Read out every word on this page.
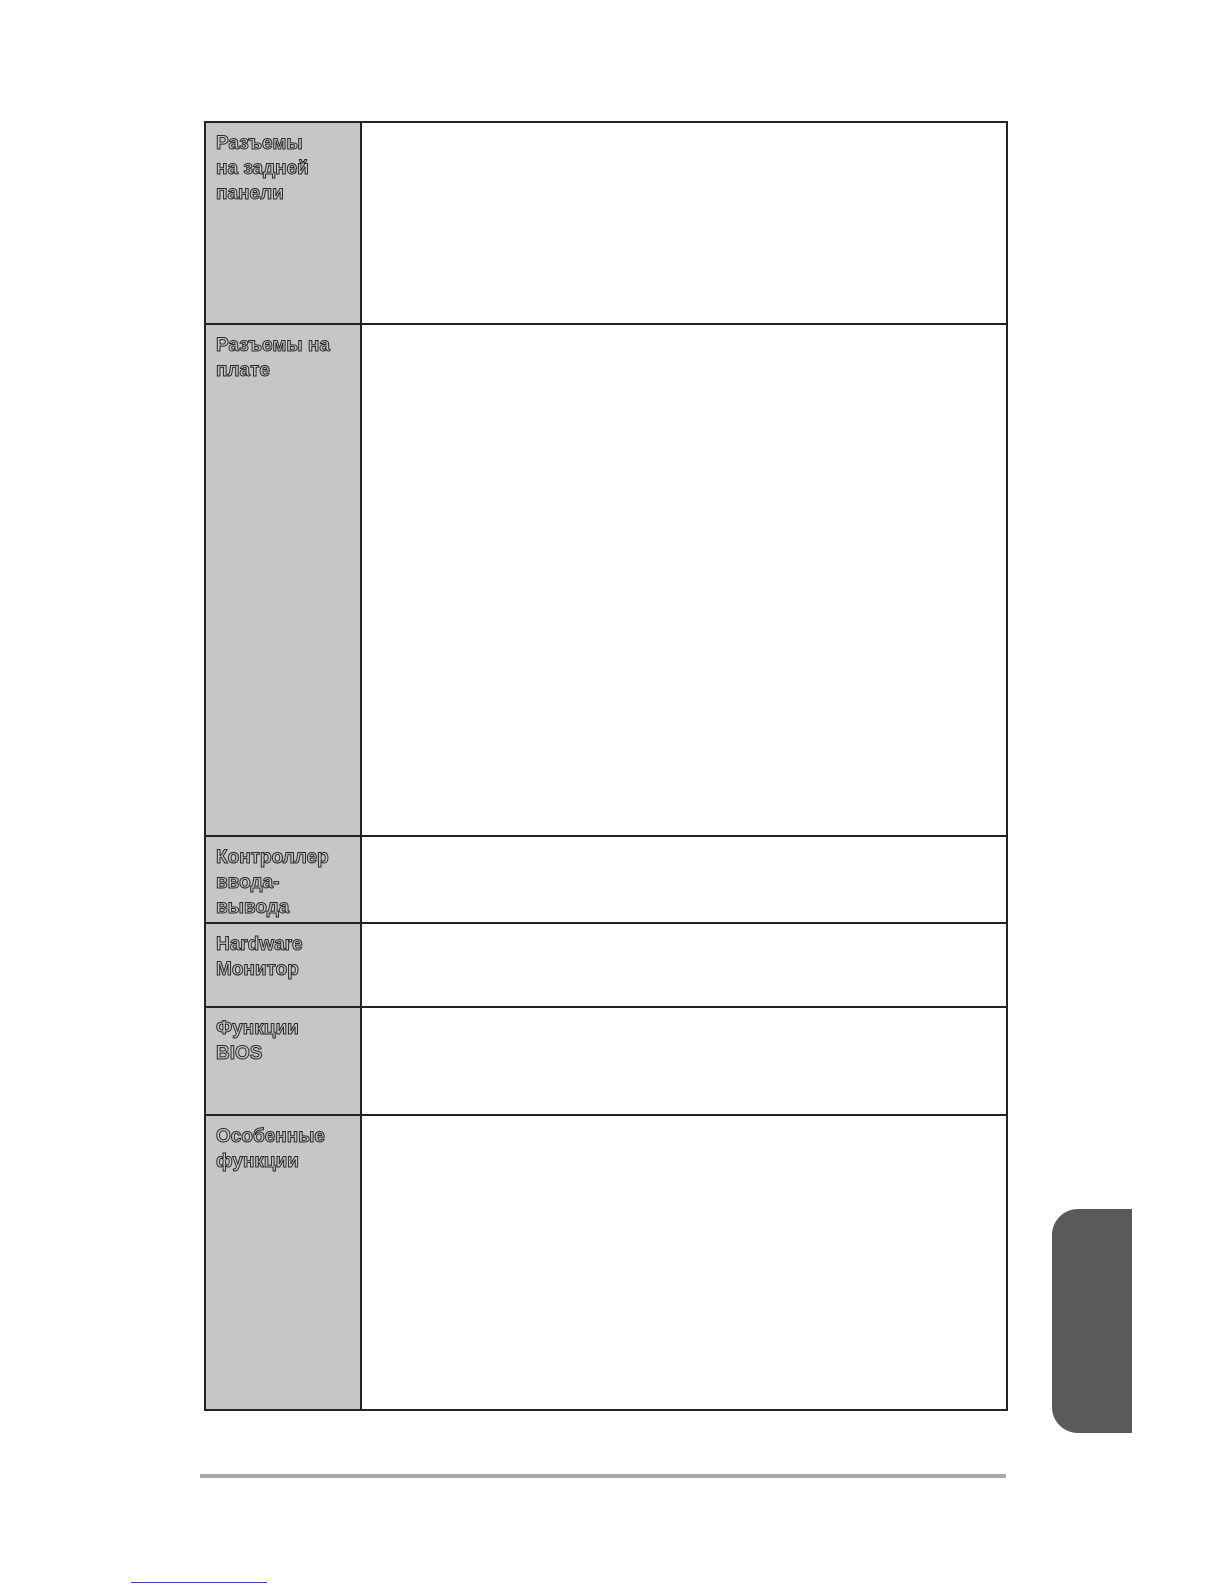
Разъемы
на задней
панели
Разъемы на
плате
Контроллер
ввода-
вывода
Hardware
Монитор
Функции
BIOS
Особенные
функции
